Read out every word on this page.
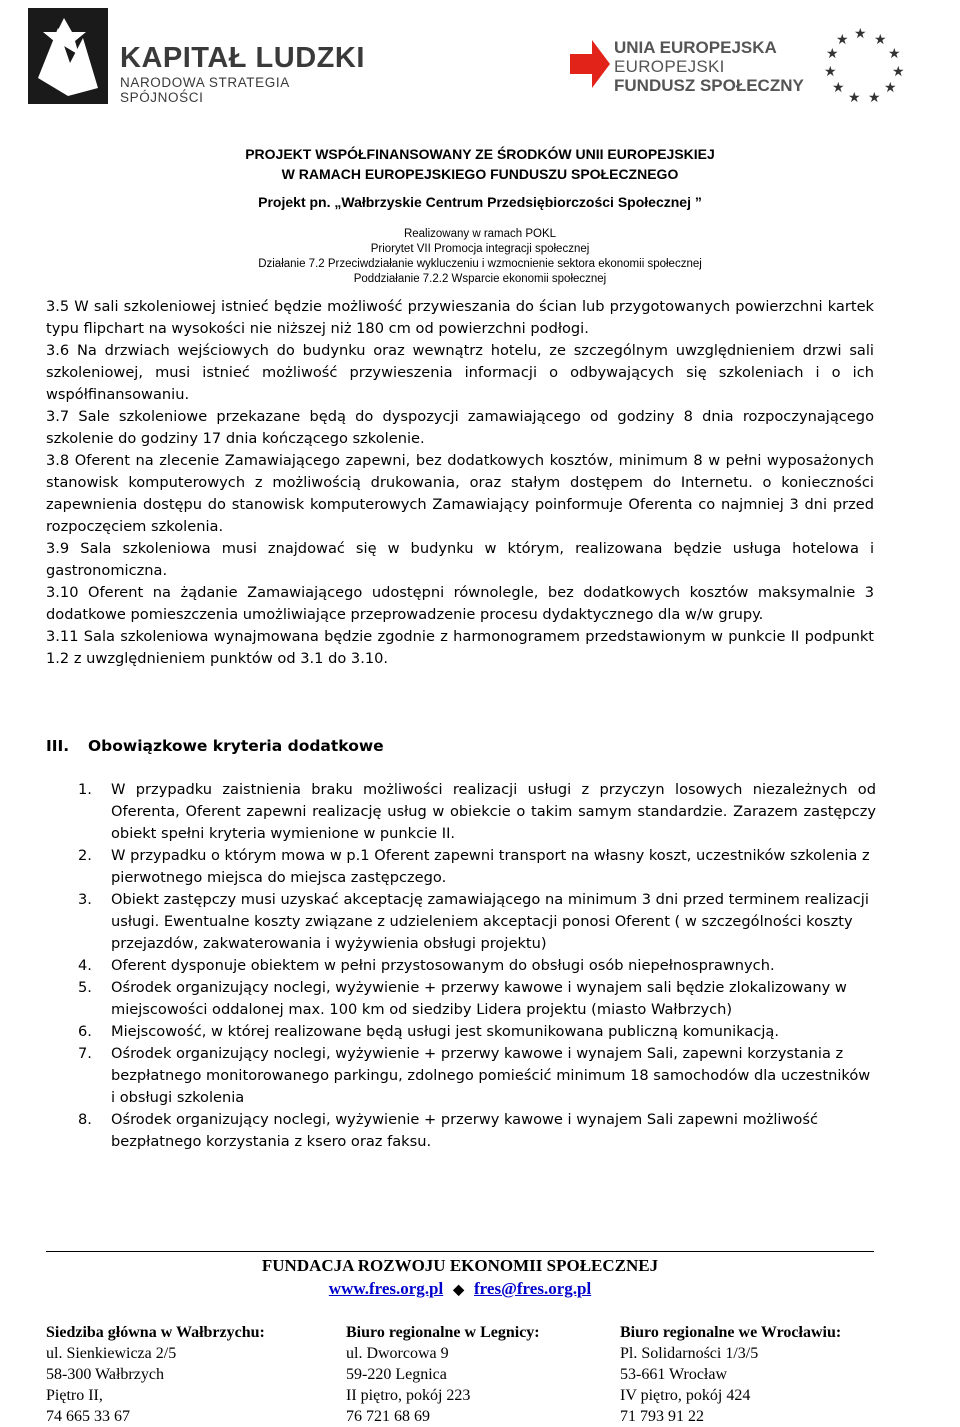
KAPITAŁ LUDZKI
NARODOWA STRATEGIA SPÓJNOŚCI
UNIA EUROPEJSKA
EUROPEJSKI
FUNDUSZ SPOŁECZNY
★ ★
★
★
★
★
★
★
★
★
★
PROJEKT WSPÓŁFINANSOWANY ZE ŚRODKÓW UNII EUROPEJSKIEJ
W RAMACH EUROPEJSKIEGO FUNDUSZU SPOŁECZNEGO
Projekt pn. „Wałbrzyskie Centrum Przedsiębiorczości Społecznej ”
Realizowany w ramach POKL
Priorytet VII Promocja integracji społecznej
Działanie 7.2 Przeciwdziałanie wykluczeniu i wzmocnienie sektora ekonomii społecznej
Poddziałanie 7.2.2 Wsparcie ekonomii społecznej

3.5 W sali szkoleniowej istnieć będzie możliwość przywieszania do ścian lub przygotowanych powierzchni kartek typu flipchart na wysokości nie niższej niż 180 cm od powierzchni podłogi.

3.6 Na drzwiach wejściowych do budynku oraz wewnątrz hotelu, ze szczególnym uwzględnieniem drzwi sali szkoleniowej, musi istnieć możliwość przywieszenia informacji o odbywających się szkoleniach i o ich współfinansowaniu.

3.7 Sale szkoleniowe przekazane będą do dyspozycji zamawiającego od godziny 8 dnia rozpoczynającego szkolenie do godziny 17 dnia kończącego szkolenie.

3.8 Oferent na zlecenie Zamawiającego zapewni, bez dodatkowych kosztów, minimum 8 w pełni wyposażonych stanowisk komputerowych z możliwością drukowania, oraz stałym dostępem do Internetu. o konieczności zapewnienia dostępu do stanowisk komputerowych Zamawiający poinformuje Oferenta co najmniej 3 dni przed rozpoczęciem szkolenia.

3.9 Sala szkoleniowa musi znajdować się w budynku w którym, realizowana będzie usługa hotelowa i gastronomiczna.

3.10 Oferent na żądanie Zamawiającego udostępni równolegle, bez dodatkowych kosztów maksymalnie 3 dodatkowe pomieszczenia umożliwiające przeprowadzenie procesu dydaktycznego dla w/w grupy.

3.11 Sala szkoleniowa wynajmowana będzie zgodnie z harmonogramem przedstawionym w punkcie II podpunkt 1.2 z uwzględnieniem punktów od 3.1 do 3.10.

III. Obowiązkowe kryteria dodatkowe
1. W przypadku zaistnienia braku możliwości realizacji usługi z przyczyn losowych niezależnych od Oferenta, Oferent zapewni realizację usług w obiekcie o takim samym standardzie. Zarazem zastępczy obiekt spełni kryteria wymienione w punkcie II.
2. W przypadku o którym mowa w p.1 Oferent zapewni transport na własny koszt, uczestników szkolenia z pierwotnego miejsca do miejsca zastępczego.
3. Obiekt zastępczy musi uzyskać akceptację zamawiającego na minimum 3 dni przed terminem realizacji usługi. Ewentualne koszty związane z udzieleniem akceptacji ponosi Oferent ( w szczególności koszty przejazdów, zakwaterowania i wyżywienia obsługi projektu)
4. Oferent dysponuje obiektem w pełni przystosowanym do obsługi osób niepełnosprawnych.
5. Ośrodek organizujący noclegi, wyżywienie + przerwy kawowe i wynajem sali będzie zlokalizowany w miejscowości oddalonej max. 100 km od siedziby Lidera projektu (miasto Wałbrzych)
6. Miejscowość, w której realizowane będą usługi jest skomunikowana publiczną komunikacją.
7. Ośrodek organizujący noclegi, wyżywienie + przerwy kawowe i wynajem Sali, zapewni korzystania z bezpłatnego monitorowanego parkingu, zdolnego pomieścić minimum 18 samochodów dla uczestników i obsługi szkolenia
8. Ośrodek organizujący noclegi, wyżywienie + przerwy kawowe i wynajem Sali zapewni możliwość bezpłatnego korzystania z ksero oraz faksu.
FUNDACJA ROZWOJU EKONOMII SPOŁECZNEJ
www.fres.org.pl ◆ fres@fres.org.pl
Siedziba główna w Wałbrzychu:
ul. Sienkiewicza 2/5
58-300 Wałbrzych
Piętro II,
74 665 33 67
Biuro regionalne w Legnicy:
ul. Dworcowa 9
59-220 Legnica
II piętro, pokój 223
76 721 68 69
Biuro regionalne we Wrocławiu:
Pl. Solidarności 1/3/5
53-661 Wrocław
IV piętro, pokój 424
71 793 91 22
